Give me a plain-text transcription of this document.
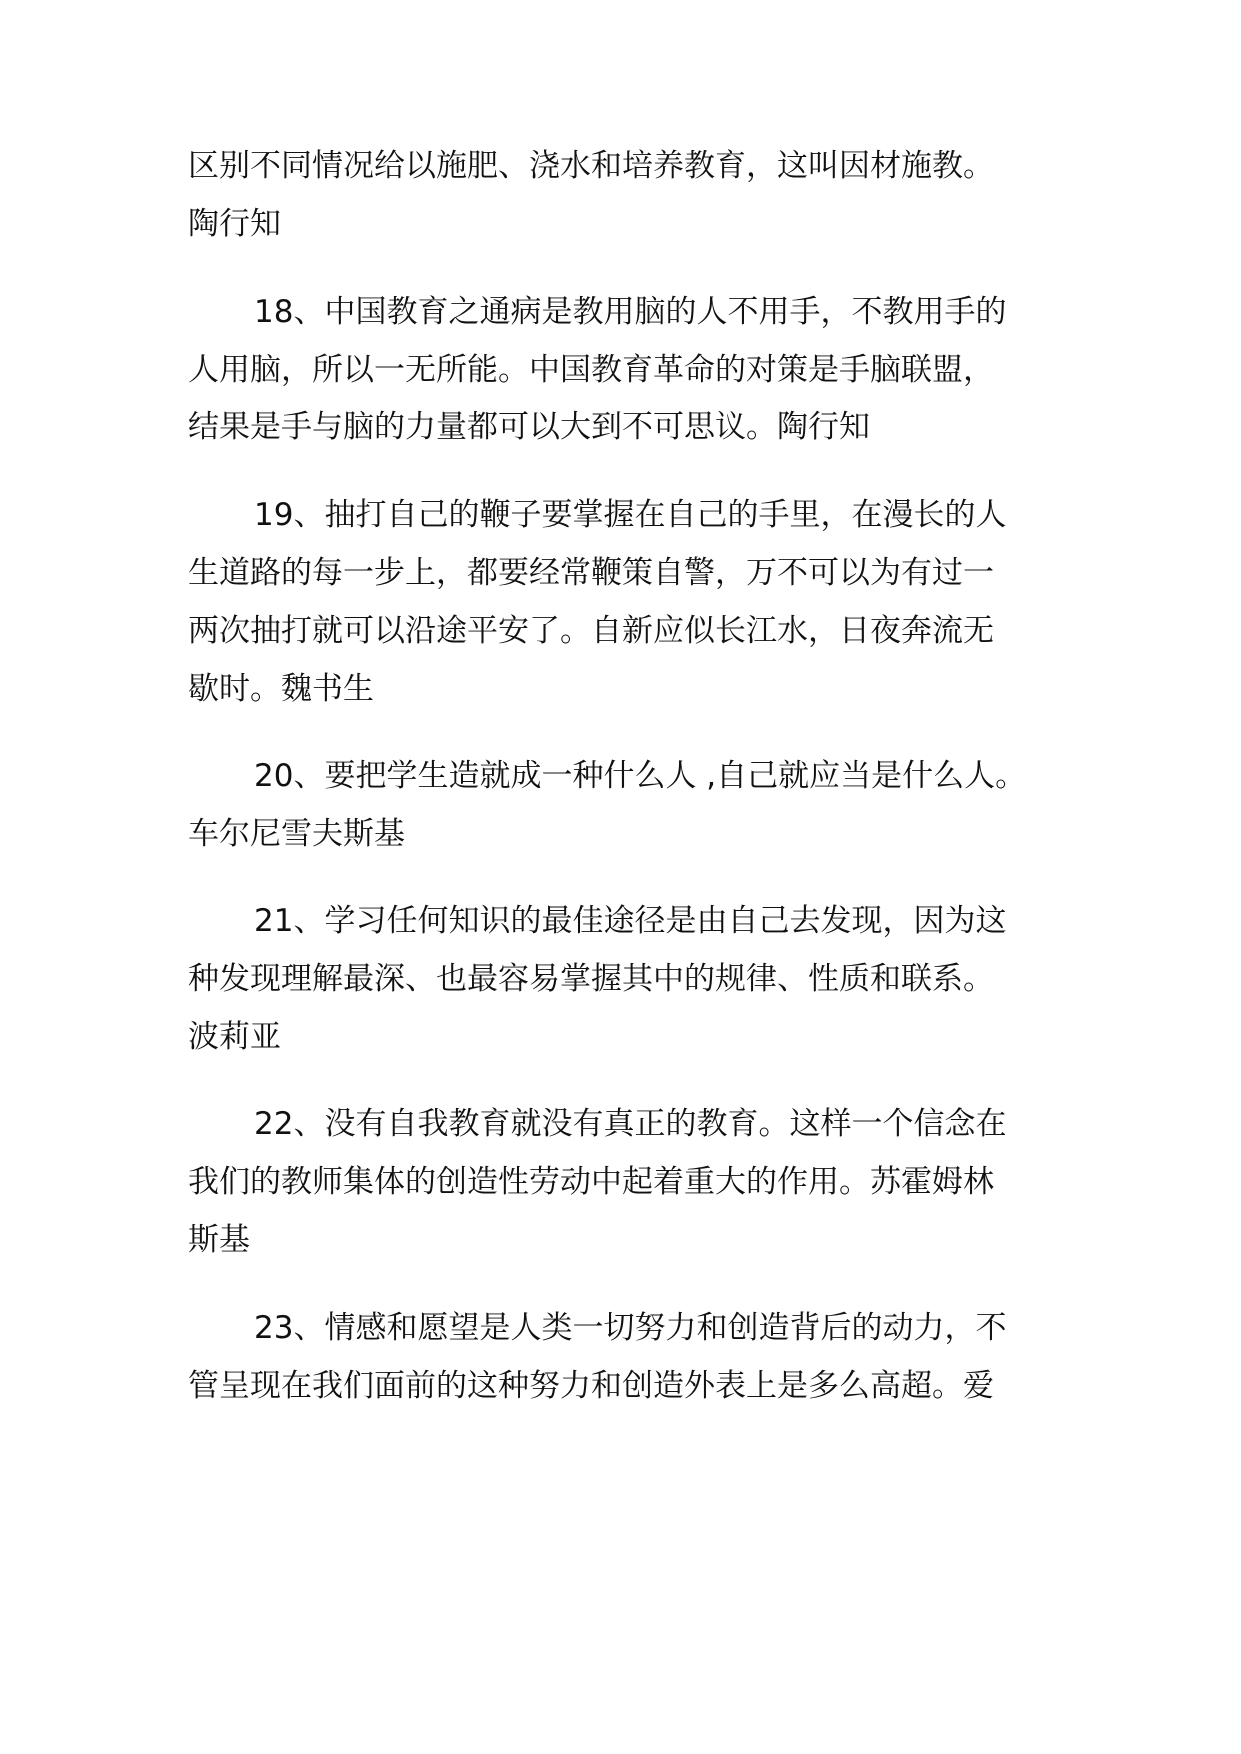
区别不同情况给以施肥、浇水和培养教育，这叫因材施教。
陶行知
18、中国教育之通病是教用脑的人不用手，不教用手的
人用脑，所以一无所能。中国教育革命的对策是手脑联盟，
结果是手与脑的力量都可以大到不可思议。陶行知
19、抽打自己的鞭子要掌握在自己的手里，在漫长的人
生道路的每一步上，都要经常鞭策自警，万不可以为有过一
两次抽打就可以沿途平安了。自新应似长江水，日夜奔流无
歇时。魏书生
20、要把学生造就成一种什么人 ,自己就应当是什么人。
车尔尼雪夫斯基
21、学习任何知识的最佳途径是由自己去发现，因为这
种发现理解最深、也最容易掌握其中的规律、性质和联系。
波莉亚
22、没有自我教育就没有真正的教育。这样一个信念在
我们的教师集体的创造性劳动中起着重大的作用。苏霍姆林
斯基
23、情感和愿望是人类一切努力和创造背后的动力，不
管呈现在我们面前的这种努力和创造外表上是多么高超。爱
